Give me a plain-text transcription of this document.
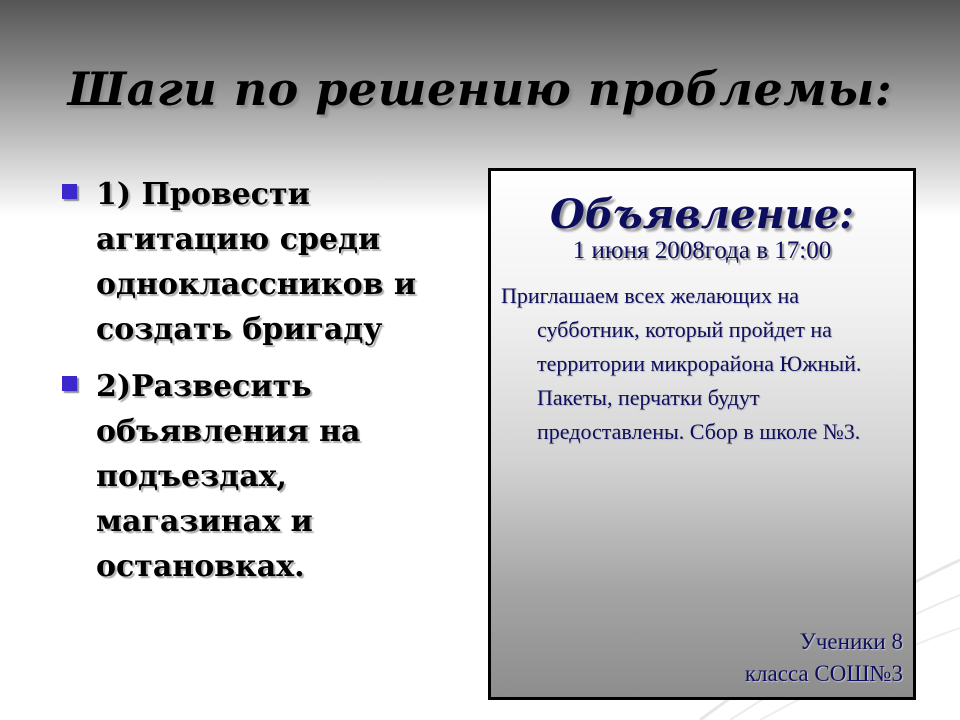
Шаги по решению проблемы:
1) Провести агитацию среди одноклассников и создать бригаду
2)Развесить объявления на подъездах, магазинах и остановках.
Объявление:
1 июня 2008года в 17:00

Приглашаем всех желающих на субботник, который пройдет на территории микрорайона Южный. Пакеты, перчатки будут предоставлены. Сбор в школе №3.

Ученики 8
класса СОШ№3
